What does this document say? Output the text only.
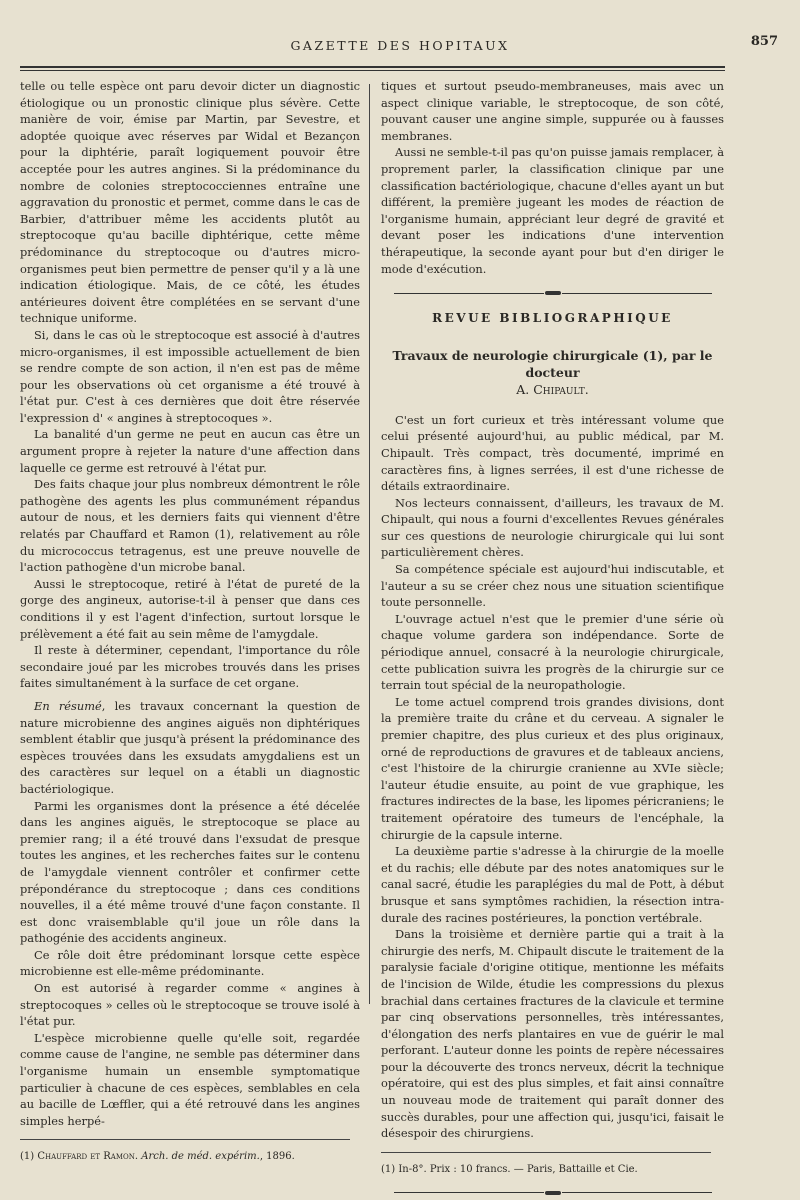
GAZETTE DES HOPITAUX	857

telle ou telle espèce ont paru devoir dicter un diagnostic étiologique ou un pronostic clinique plus sévère. Cette manière de voir, émise par Martin, par Sevestre, et adoptée quoique avec réserves par Widal et Bezançon pour la diphtérie, paraît logiquement pouvoir être acceptée pour les autres angines. Si la prédominance du nombre de colonies streptococciennes entraîne une aggravation du pronostic et permet, comme dans le cas de Barbier, d'attribuer même les accidents plutôt au streptocoque qu'au bacille diphtérique, cette même prédominance du streptocoque ou d'autres micro-organismes peut bien permettre de penser qu'il y a là une indication étiologique. Mais, de ce côté, les études antérieures doivent être complétées en se servant d'une technique uniforme.

Si, dans le cas où le streptocoque est associé à d'autres micro-organismes, il est impossible actuellement de bien se rendre compte de son action, il n'en est pas de même pour les observations où cet organisme a été trouvé à l'état pur. C'est à ces dernières que doit être réservée l'expression d' « angines à streptocoques ».

La banalité d'un germe ne peut en aucun cas être un argument propre à rejeter la nature d'une affection dans laquelle ce germe est retrouvé à l'état pur.

Des faits chaque jour plus nombreux démontrent le rôle pathogène des agents les plus communément répandus autour de nous, et les derniers faits qui viennent d'être relatés par Chauffard et Ramon (1), relativement au rôle du micrococcus tetragenus, est une preuve nouvelle de l'action pathogène d'un microbe banal.

Aussi le streptocoque, retiré à l'état de pureté de la gorge des angineux, autorise-t-il à penser que dans ces conditions il y est l'agent d'infection, surtout lorsque le prélèvement a été fait au sein même de l'amygdale.

Il reste à déterminer, cependant, l'importance du rôle secondaire joué par les microbes trouvés dans les prises faites simultanément à la surface de cet organe.

En résumé, les travaux concernant la question de nature microbienne des angines aiguës non diphtériques semblent établir que jusqu'à présent la prédominance des espèces trouvées dans les exsudats amygdaliens est un des caractères sur lequel on a établi un diagnostic bactériologique.

Parmi les organismes dont la présence a été décelée dans les angines aiguës, le streptocoque se place au premier rang; il a été trouvé dans l'exsudat de presque toutes les angines, et les recherches faites sur le contenu de l'amygdale viennent contrôler et confirmer cette prépondérance du streptocoque ; dans ces conditions nouvelles, il a été même trouvé d'une façon constante. Il est donc vraisemblable qu'il joue un rôle dans la pathogénie des accidents angineux.

Ce rôle doit être prédominant lorsque cette espèce microbienne est elle-même prédominante.

On est autorisé à regarder comme « angines à streptocoques » celles où le streptocoque se trouve isolé à l'état pur.

L'espèce microbienne quelle qu'elle soit, regardée comme cause de l'angine, ne semble pas déterminer dans l'organisme humain un ensemble symptomatique particulier à chacune de ces espèces, semblables en cela au bacille de Lœffler, qui a été retrouvé dans les angines simples herpé-

(1) Chauffard et Ramon. Arch. de méd. expérim., 1896.

tiques et surtout pseudo-membraneuses, mais avec un aspect clinique variable, le streptocoque, de son côté, pouvant causer une angine simple, suppurée ou à fausses membranes.

Aussi ne semble-t-il pas qu'on puisse jamais remplacer, à proprement parler, la classification clinique par une classification bactériologique, chacune d'elles ayant un but différent, la première jugeant les modes de réaction de l'organisme humain, appréciant leur degré de gravité et devant poser les indications d'une intervention thérapeutique, la seconde ayant pour but d'en diriger le mode d'exécution.

REVUE BIBLIOGRAPHIQUE
Travaux de neurologie chirurgicale (1), par le docteur
A. Chipault.

C'est un fort curieux et très intéressant volume que celui présenté aujourd'hui, au public médical, par M. Chipault. Très compact, très documenté, imprimé en caractères fins, à lignes serrées, il est d'une richesse de détails extraordinaire.

Nos lecteurs connaissent, d'ailleurs, les travaux de M. Chipault, qui nous a fourni d'excellentes Revues générales sur ces questions de neurologie chirurgicale qui lui sont particulièrement chères.

Sa compétence spéciale est aujourd'hui indiscutable, et l'auteur a su se créer chez nous une situation scientifique toute personnelle.

L'ouvrage actuel n'est que le premier d'une série où chaque volume gardera son indépendance. Sorte de périodique annuel, consacré à la neurologie chirurgicale, cette publication suivra les progrès de la chirurgie sur ce terrain tout spécial de la neuropathologie.

Le tome actuel comprend trois grandes divisions, dont la première traite du crâne et du cerveau. A signaler le premier chapitre, des plus curieux et des plus originaux, orné de reproductions de gravures et de tableaux anciens, c'est l'histoire de la chirurgie cranienne au XVIe siècle; l'auteur étudie ensuite, au point de vue graphique, les fractures indirectes de la base, les lipomes péricraniens; le traitement opératoire des tumeurs de l'encéphale, la chirurgie de la capsule interne.

La deuxième partie s'adresse à la chirurgie de la moelle et du rachis; elle débute par des notes anatomiques sur le canal sacré, étudie les paraplégies du mal de Pott, à début brusque et sans symptômes rachidien, la résection intra-durale des racines postérieures, la ponction vertébrale.

Dans la troisième et dernière partie qui a trait à la chirurgie des nerfs, M. Chipault discute le traitement de la paralysie faciale d'origine otitique, mentionne les méfaits de l'incision de Wilde, étudie les compressions du plexus brachial dans certaines fractures de la clavicule et termine par cinq observations personnelles, très intéressantes, d'élongation des nerfs plantaires en vue de guérir le mal perforant. L'auteur donne les points de repère nécessaires pour la découverte des troncs nerveux, décrit la technique opératoire, qui est des plus simples, et fait ainsi connaître un nouveau mode de traitement qui paraît donner des succès durables, pour une affection qui, jusqu'ici, faisait le désespoir des chirurgiens.

(1) In-8°. Prix : 10 francs. — Paris, Battaille et Cie.
